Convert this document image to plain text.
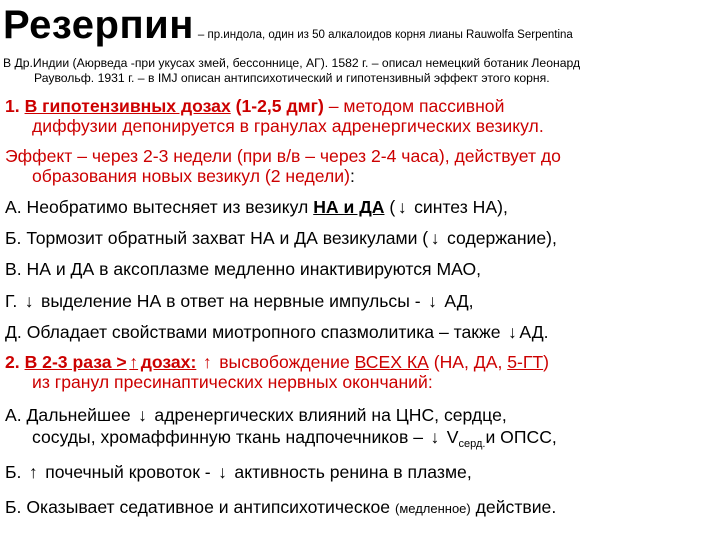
Резерпин – пр.индола, один из 50 алкалоидов корня лианы Rauwolfa Serpentina
В Др.Индии (Аюрведа -при укусах змей, бессоннице, АГ). 1582 г. – описал немецкий ботаник Леонард
Раувольф. 1931 г. – в IMJ описан антипсихотический и гипотензивный эффект этого корня.
1. В гипотензивных дозах (1-2,5 дмг) – методом пассивной
диффузии депонируется в гранулах адренергических везикул.
Эффект – через 2-3 недели (при в/в – через 2-4 часа), действует до
образования новых везикул (2 недели):
А. Необратимо вытесняет из везикул НА и ДА ( ↓ синтез НА),
Б. Тормозит обратный захват НА и ДА везикулами ( ↓ содержание),
В. НА и ДА в аксоплазме медленно инактивируются МАО,
Г. ↓ выделение НА в ответ на нервные импульсы - ↓ АД,
Д. Обладает свойствами миотропного спазмолитика – также ↓ АД.
2. В 2-3 раза > ↑ дозах: ↑ высвобождение ВСЕХ КА (НА, ДА, 5-ГТ)
из гранул пресинаптических нервных окончаний:
А. Дальнейшее ↓ адренергических влияний на ЦНС, сердце,
сосуды, хромаффинную ткань надпочечников – ↓ $V_{серд.}и$ ОПСС,
Б. ↑ почечный кровоток - ↓ активность ренина в плазме,
Б. Оказывает седативное и антипсихотическое (медленное) действие.
